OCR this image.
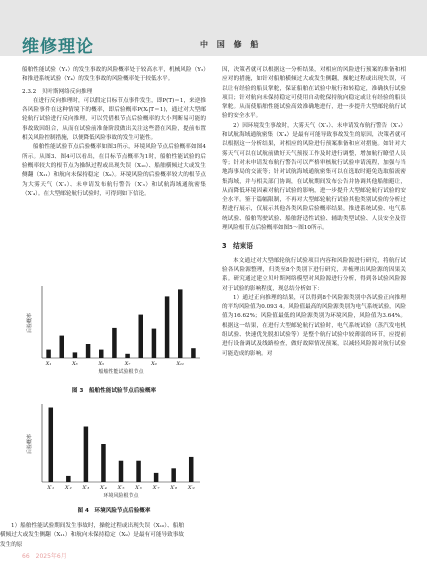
维修理论	中 国 修 船

船舶性能试验（Y₁）的发生事故的风险概率处于较高水平，机械风险（Y₃）和推进系统试验（Y₄）的发生事故的风险概率处于较低水平。

2.3.2　贝叶斯网络反向推理

在进行反向推理时，可以假定目标节点事件发生，即P(T)＝1，来逆推各风险事件在这种情境下的概率，即后验概率P(Xᵢ|T＝1)，通过对大型邮轮航行试验进行反向推理，可以凭借根节点后验概率的大小判断易可能的事故致因组合，从而在试验前准备阶段做出关注这些潜在风险，提前布置相关风险控制措施，以便降低风险事故的发生可能性。

船舶性能试验节点后验概率如图3所示，环境风险节点后验概率如图4所示。从图3、图4可以看出，在目标节点概率为1时，船舶性能试验的后验概率较大的根节点为操纵过程或出现失误（X₁₀）、船舶横倾过大或发生侧翻（X₁₁）和航向未保持稳定（X₉）。环境风险的后验概率较大的根节点为大雾天气（X′₁）、未申请发布航行警告（X′₃）和试航海域通航密集（X′₄）。在大型邮轮航行试验时，可得到如下信论。

后验概率
X₁	X₃	X₅	X₇	X₉	X₁₁
船舶性能试验根节点
图 3　船舶性能试验节点后验概率
后验概率
X′₁ X′₂ X′₃ X′₄ X′₅ X′₆ X′₇ X′₈ X′₉
环境风险根节点
图 4　环境风险节点后验概率

1）船舶性能试验期间发生事故时，操舵过程或出现失误（X₁₀）、船舶横倾过大或发生侧翻（X₁₁）和航向未保持稳定（X₉）是最有可能导致事故发生的原

因，决策者就可以根据这一分析结果，对相应的风险进行预案的准备和相应对的措施，如针对船舶横倾过大或发生侧翻，操舵过程或出现失误，可以让有经验的船员掌舵，保证船舶在试验中航行和转稳定，准确执行试验项目；针对航向未保持稳定可使用自动舵保持航向稳定或让有经验的船员掌舵。从而使船舶性能试验高效准确地进行，进一步提升大型邮轮航行试验的安全水平。

2）因环境发生事故时，大雾天气（X′₁）、未申请发布航行警告（X′₃）和试航海域通航密集（X′₄）是最有可能导致事故发生的原因，决策者就可以根据这一分析结果，对相应的风险进行预案准备和应对措施。如针对大雾天气可以在试航前做好天气预报工作及时进行调整，增加航行瞭望人员等；针对未申请发布航行警告可以严格审核航行试验申请流程，加强与当地海事局的交流等；针对试航海域通航密集可以在选取时避免选取船流密集海域，并与相关部门协调，在试航期间发布公告并协调其他船舶避让，从而降低环境因素对航行试验的影响，进一步提升大型邮轮航行试验的安全水平。鉴于篇幅限制，不再对大型邮轮航行试验其他类别试验的分析过程进行展示，仅展示其他各类风险后验概率结果。推进系统试验、电气系统试验、船舶驾驶试验、船舶舒适性试验、辅助类型试验、人员安全及管理风险根节点后验概率如图5～图10所示。

3　结束语

本文通过对大型邮轮航行试验项目内容和风险源进行研究，将航行试验各风险源整理，归类至8个类别下进行研究，并梳理出风险源的因果关系。研究通过建立贝叶斯网络模型对风险源进行分析，得到各试验风险源对于试验的影响程度，现总结分析如下：

1）通过正向推理的结果，可以得到8个风险源类别中各试验正向推理的平均风险值为0.093 4。风险值最高的风险源类别为电气系统试验，风险值为16.62%；风险值最低的风险源类别为环境风险，风险值为3.64%。根据这一结果，在进行大型邮轮航行试验时，电气系统试验（蒸汽发电机组试验、快速优先脱扣试验等）是整个航行试验中较薄弱的环节，应提前进行设备调试及线路检查，做好故障情况预案，以减轻风险源对航行试验可能造成的影响。对

66　2025年6月
